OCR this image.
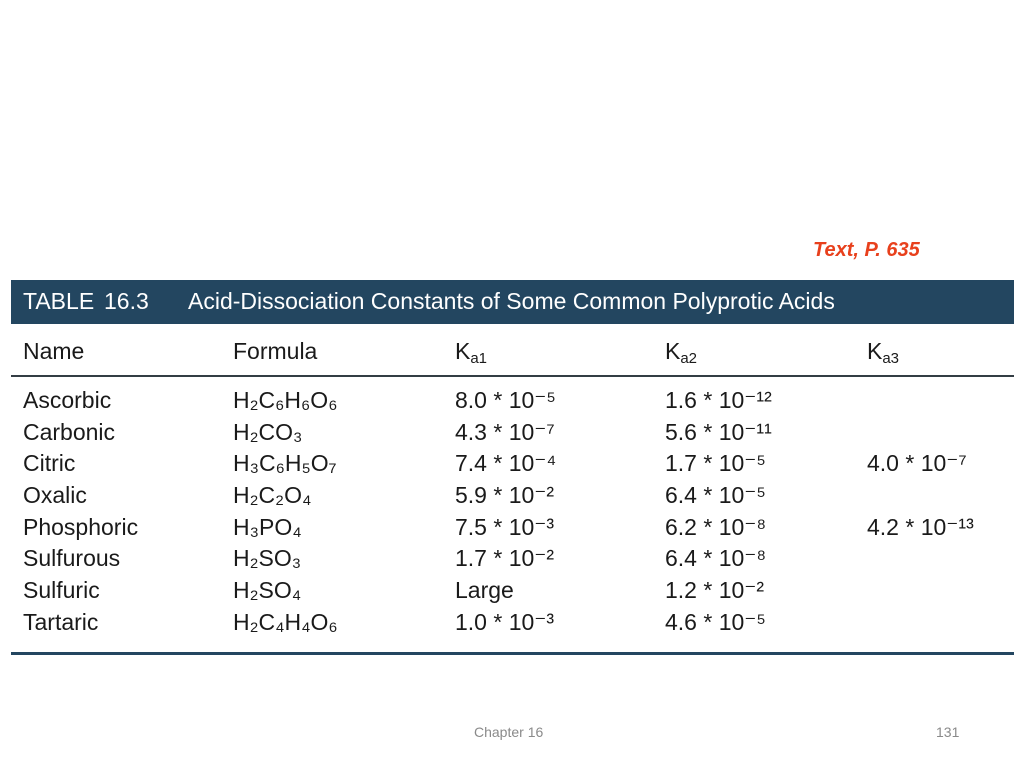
Text, P. 635

TABLE 16.3 Acid-Dissociation Constants of Some Common Polyprotic Acids
Name	Formula	$K_{a1}$	$K_{a2}$	$K_{a3}$
Ascorbic	H₂C₆H₆O₆	8.0 * 10⁻⁵	1.6 * 10⁻¹²
Carbonic	H₂CO₃	4.3 * 10⁻⁷	5.6 * 10⁻¹¹
Citric	H₃C₆H₅O₇	7.4 * 10⁻⁴	1.7 * 10⁻⁵	4.0 * 10⁻⁷
Oxalic	H₂C₂O₄	5.9 * 10⁻²	6.4 * 10⁻⁵
Phosphoric	H₃PO₄	7.5 * 10⁻³	6.2 * 10⁻⁸	4.2 * 10⁻¹³
Sulfurous	H₂SO₃	1.7 * 10⁻²	6.4 * 10⁻⁸
Sulfuric	H₂SO₄	Large	1.2 * 10⁻²
Tartaric	H₂C₄H₄O₆	1.0 * 10⁻³	4.6 * 10⁻⁵
Chapter 16	131
